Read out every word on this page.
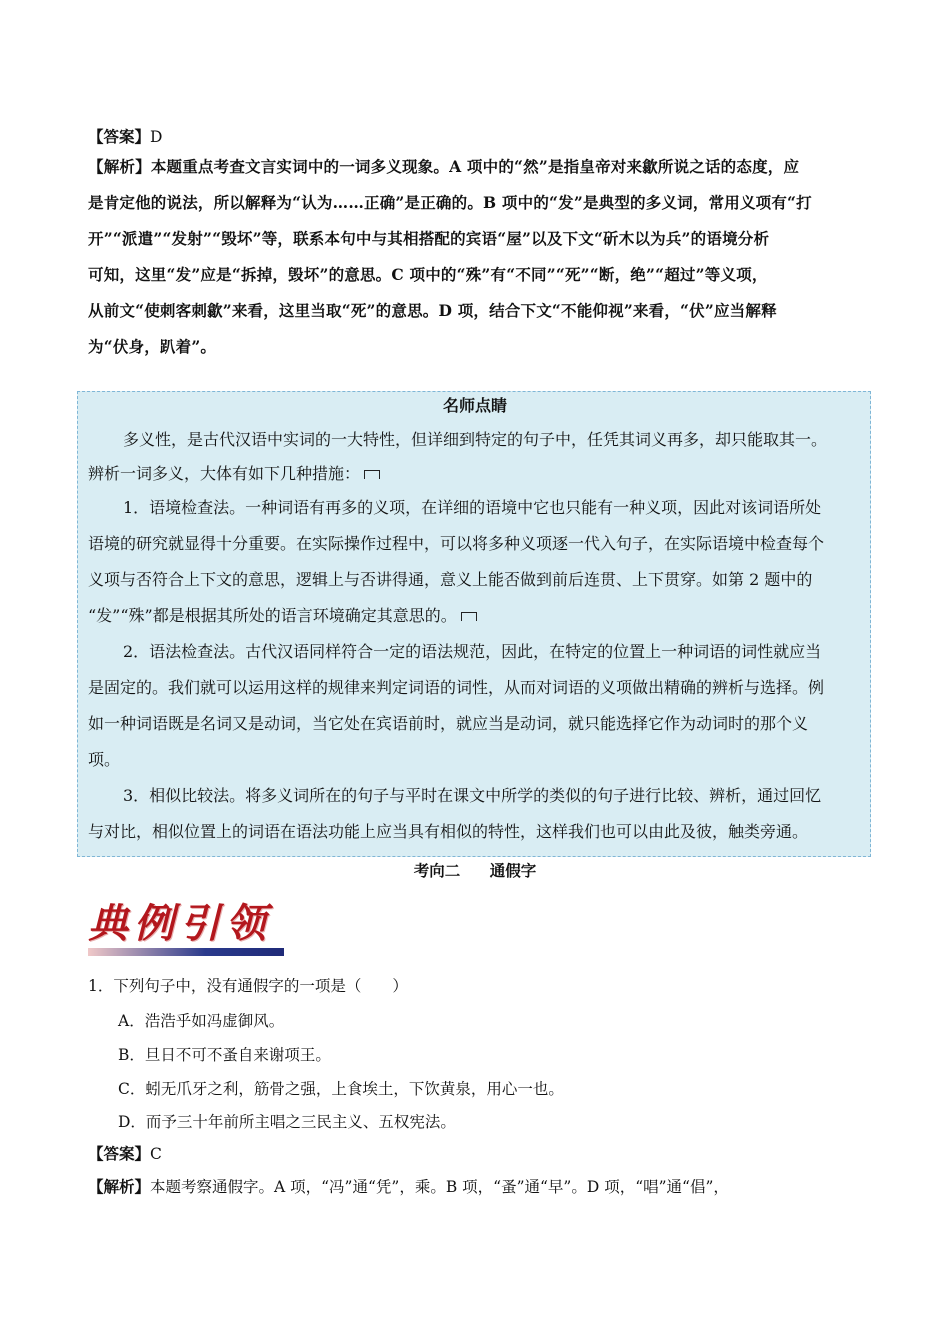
【答案】D
【解析】本题重点考查文言实词中的一词多义现象。A 项中的“然”是指皇帝对来歙所说之话的态度，应
是肯定他的说法，所以解释为“认为……正确”是正确的。B 项中的“发”是典型的多义词，常用义项有“打
开”“派遣”“发射”“毁坏”等，联系本句中与其相搭配的宾语“屋”以及下文“斫木以为兵”的语境分析
可知，这里“发”应是“拆掉，毁坏”的意思。C 项中的“殊”有“不同”“死”“断，绝”“超过”等义项，
从前文“使刺客刺歙”来看，这里当取“死”的意思。D 项，结合下文“不能仰视”来看，“伏”应当解释
为“伏身，趴着”。
名师点睛
多义性，是古代汉语中实词的一大特性，但详细到特定的句子中，任凭其词义再多，却只能取其一。
辨析一词多义，大体有如下几种措施：
1．语境检查法。一种词语有再多的义项，在详细的语境中它也只能有一种义项，因此对该词语所处
语境的研究就显得十分重要。在实际操作过程中，可以将多种义项逐一代入句子，在实际语境中检查每个
义项与否符合上下文的意思，逻辑上与否讲得通，意义上能否做到前后连贯、上下贯穿。如第 2 题中的
“发”“殊”都是根据其所处的语言环境确定其意思的。
2．语法检查法。古代汉语同样符合一定的语法规范，因此，在特定的位置上一种词语的词性就应当
是固定的。我们就可以运用这样的规律来判定词语的词性，从而对词语的义项做出精确的辨析与选择。例
如一种词语既是名词又是动词，当它处在宾语前时，就应当是动词，就只能选择它作为动词时的那个义
项。
3．相似比较法。将多义词所在的句子与平时在课文中所学的类似的句子进行比较、辨析，通过回忆
与对比，相似位置上的词语在语法功能上应当具有相似的特性，这样我们也可以由此及彼，触类旁通。
考向二 通假字
典例引领
1．下列句子中，没有通假字的一项是（　　）
A．浩浩乎如冯虚御风。
B．旦日不可不蚤自来谢项王。
C．蚓无爪牙之利，筋骨之强，上食埃土，下饮黄泉，用心一也。
D．而予三十年前所主唱之三民主义、五权宪法。
【答案】C
【解析】本题考察通假字。A 项，“冯”通“凭”，乘。B 项，“蚤”通“早”。D 项，“唱”通“倡”，
